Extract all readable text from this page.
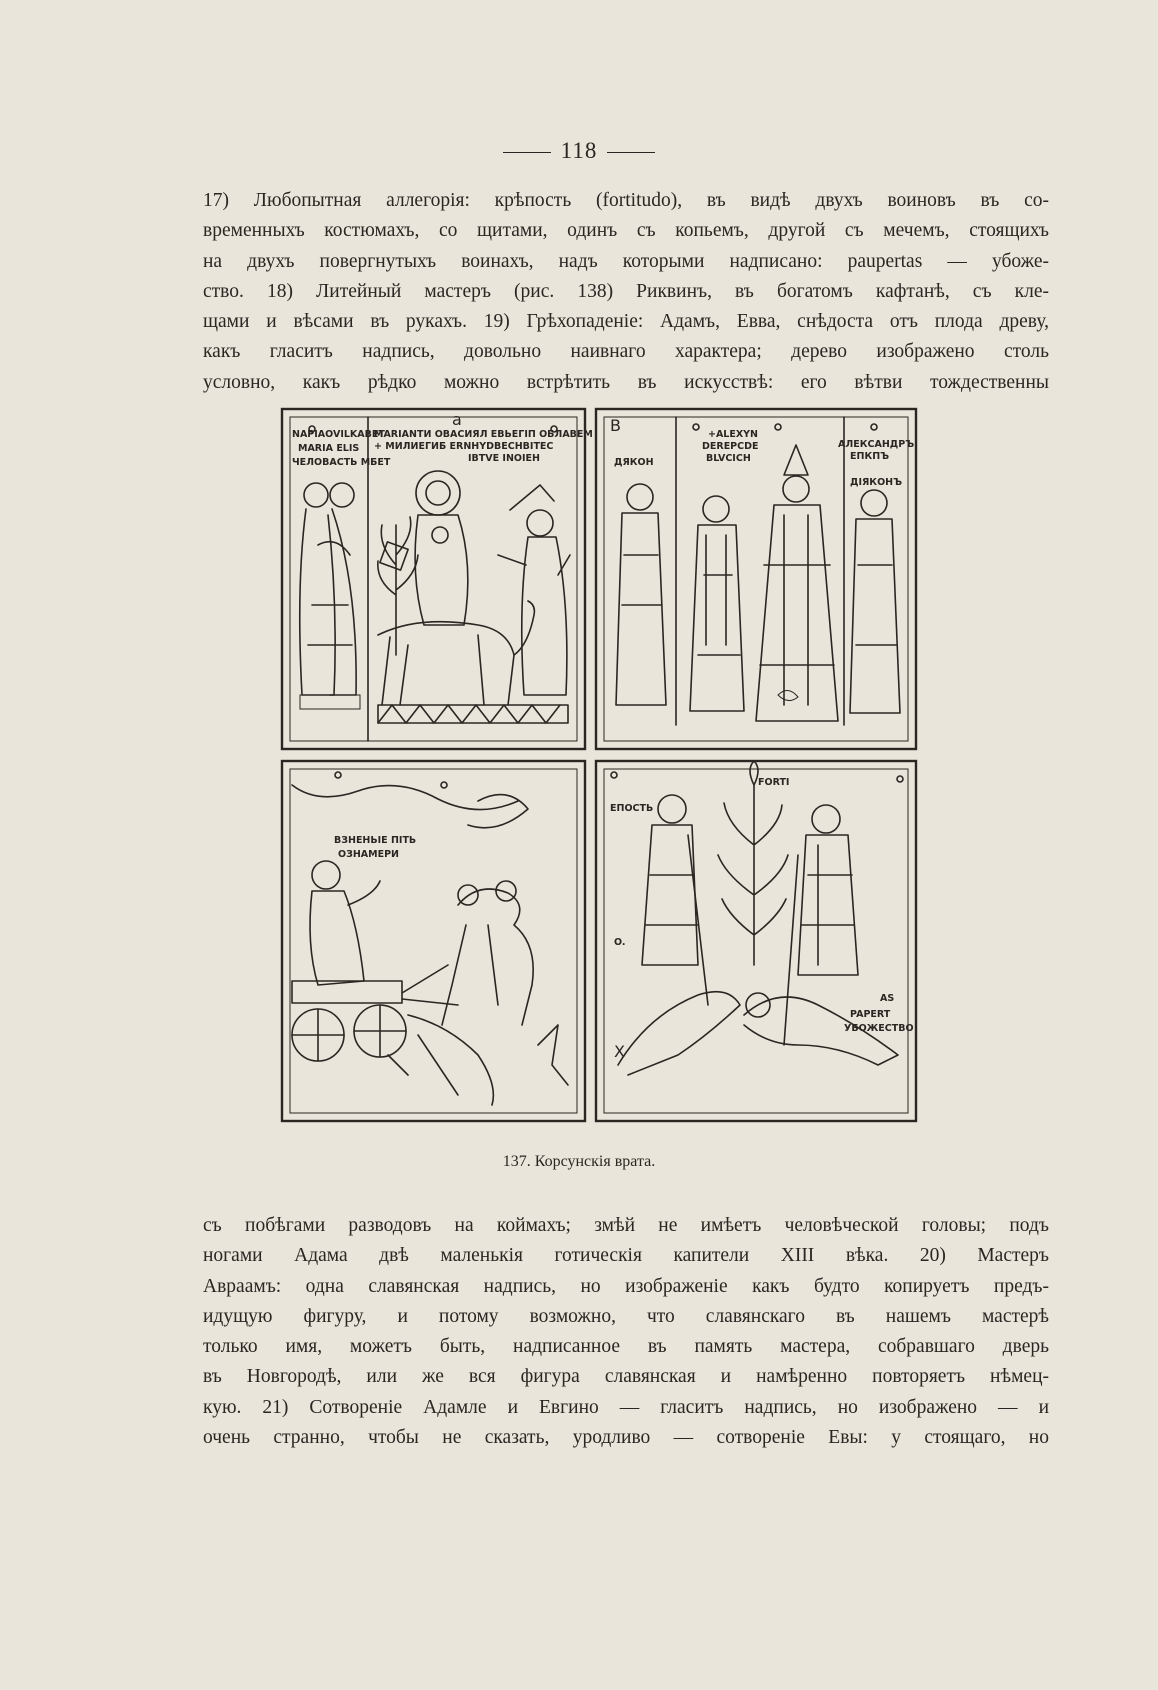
118
17) Любопытная аллегорія: крѣпость (fortitudo), въ видѣ двухъ воиновъ въ со-
временныхъ костюмахъ, со щитами, одинъ съ копьемъ, другой съ мечемъ, стоящихъ
на двухъ повергнутыхъ воинахъ, надъ которыми надписано: paupertas — убоже-
ство. 18) Литейный мастеръ (рис. 138) Риквинъ, въ богатомъ кафтанѣ, съ кле-
щами и вѣсами въ рукахъ. 19) Грѣхопаденіе: Адамъ, Евва, снѣдоста отъ плода древу,
какъ гласитъ надпись, довольно наивнаго характера; дерево изображено столь
условно, какъ рѣдко можно встрѣтить въ искусствѣ: его вѣтви тождественны
a
NAPIAOVILKABET
MARIA ЕLIS
ЧЕЛОВАСТЬ МБЕТ
MARIANТИ ОВАСИЯЛ ЕВЬЕГІП ОБЛАВЕМ
+ МИЛИЕГИБ ЕRNHYDBECHBITEC
IBTVE INOIEH	ДЯКОН
+ALEXYN
DEREPCDE
BLVCICH
АЛЕКСАНДРЪ
ЕПКПЪ
ДІЯКОНЪ
B
ВЗНЕНЬІЕ ПІТЬ
ОЗНАМЕРИ
FORTI
ЕПОСТЬ
O.
AS
PAPERT
УБОЖЕСТВО
X
137. Корсунскія врата.
съ побѣгами разводовъ на коймахъ; змѣй не имѣетъ человѣческой головы; подъ
ногами Адама двѣ маленькія готическія капители XIII вѣка. 20) Мастеръ
Авраамъ: одна славянская надпись, но изображеніе какъ будто копируетъ предъ-
идущую фигуру, и потому возможно, что славянскаго въ нашемъ мастерѣ
только имя, можетъ быть, надписанное въ память мастера, собравшаго дверь
въ Новгородѣ, или же вся фигура славянская и намѣренно повторяетъ нѣмец-
кую. 21) Сотвореніе Адамле и Евгино — гласитъ надпись, но изображено — и
очень странно, чтобы не сказать, уродливо — сотвореніе Евы: у стоящаго, но
